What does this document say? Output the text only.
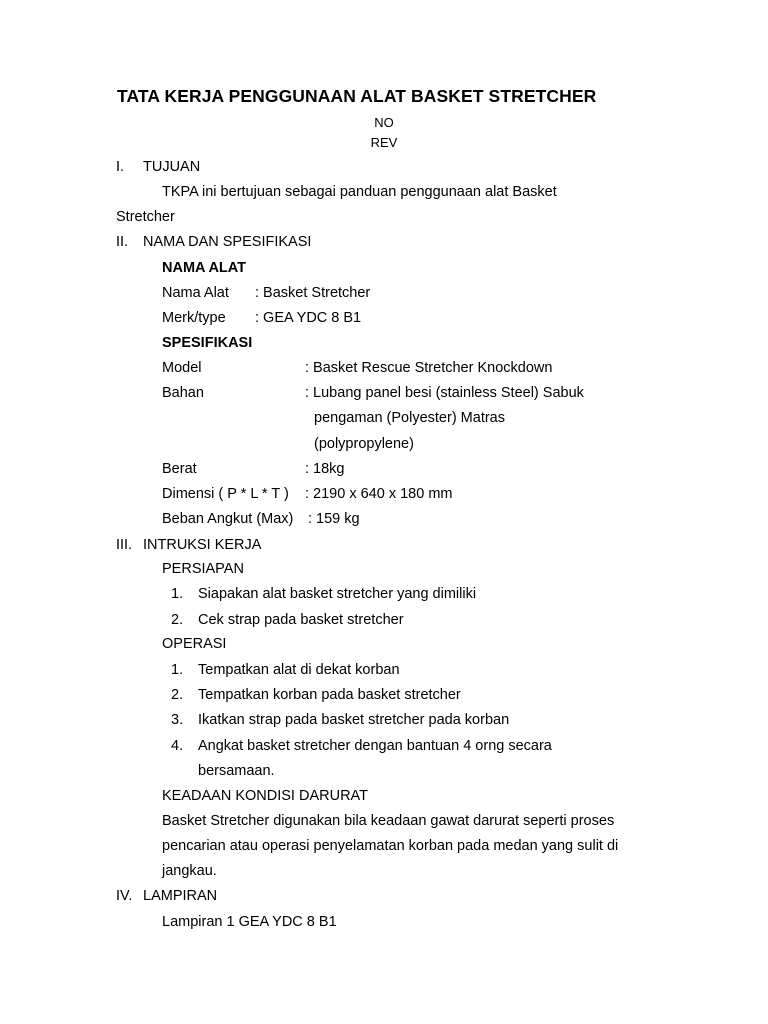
TATA KERJA PENGGUNAAN ALAT BASKET STRETCHER
NO
REV
I. TUJUAN
TKPA ini bertujuan sebagai panduan penggunaan alat Basket
Stretcher
II. NAMA DAN SPESIFIKASI
NAMA ALAT
Nama Alat : Basket Stretcher
Merk/type : GEA YDC 8 B1
SPESIFIKASI
Model	: Basket Rescue Stretcher Knockdown
Bahan	: Lubang panel besi (stainless Steel) Sabuk
pengaman (Polyester) Matras
(polypropylene)
Berat	: 18kg
Dimensi ( P * L * T ) : 2190 x 640 x 180 mm
Beban Angkut (Max) : 159 kg
III. INTRUKSI KERJA
PERSIAPAN
1. Siapakan alat basket stretcher yang dimiliki
2. Cek strap pada basket stretcher
OPERASI
1. Tempatkan alat di dekat korban
2. Tempatkan korban pada basket stretcher
3. Ikatkan strap pada basket stretcher pada korban
4. Angkat basket stretcher dengan bantuan 4 orng secara
bersamaan.
KEADAAN KONDISI DARURAT
Basket Stretcher digunakan bila keadaan gawat darurat seperti proses
pencarian atau operasi penyelamatan korban pada medan yang sulit di
jangkau.
IV. LAMPIRAN
Lampiran 1 GEA YDC 8 B1
